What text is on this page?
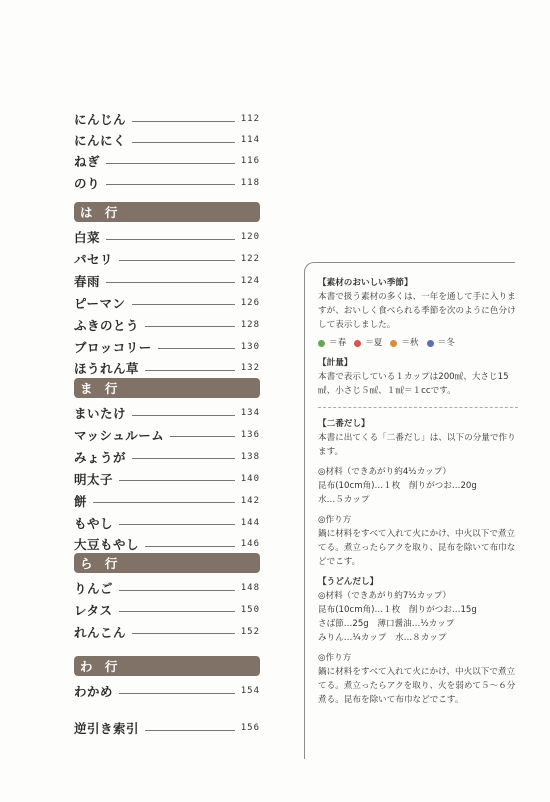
にんじん	112
にんにく	114
ねぎ	116
のり	118
は 行
白菜	120
パセリ	122
春雨	124
ピーマン	126
ふきのとう	128
ブロッコリー	130
ほうれん草	132
ま 行
まいたけ	134
マッシュルーム	136
みょうが	138
明太子	140
餅	142
もやし	144
大豆もやし	146
ら 行
りんご	148
レタス	150
れんこん	152
わ 行
わかめ	154
逆引き索引	156

【素材のおいしい季節】

本書で扱う素材の多くは、一年を通して手に入りますが、おいしく食べられる季節を次のように色分けして表示しました。

＝春 ＝夏 ＝秋 ＝冬

【計量】

本書で表示している１カップは200㎖、大さじ15㎖、小さじ５㎖、１㎖＝１ccです。

【二番だし】

本書に出てくる「二番だし」は、以下の分量で作ります。

◎材料（できあがり約4½カップ）

昆布(10cm角)…１枚　削りがつお…20g

水…５カップ

◎作り方

鍋に材料をすべて入れて火にかけ、中火以下で煮立てる。煮立ったらアクを取り、昆布を除いて布巾などでこす。

【うどんだし】

◎材料（できあがり約7½カップ）

昆布(10cm角)…１枚　削りがつお…15g

さば節…25g　薄口醤油…½カップ

みりん…¼カップ　水…８カップ

◎作り方

鍋に材料をすべて入れて火にかけ、中火以下で煮立てる。煮立ったらアクを取り、火を弱めて５～６分煮る。昆布を除いて布巾などでこす。
